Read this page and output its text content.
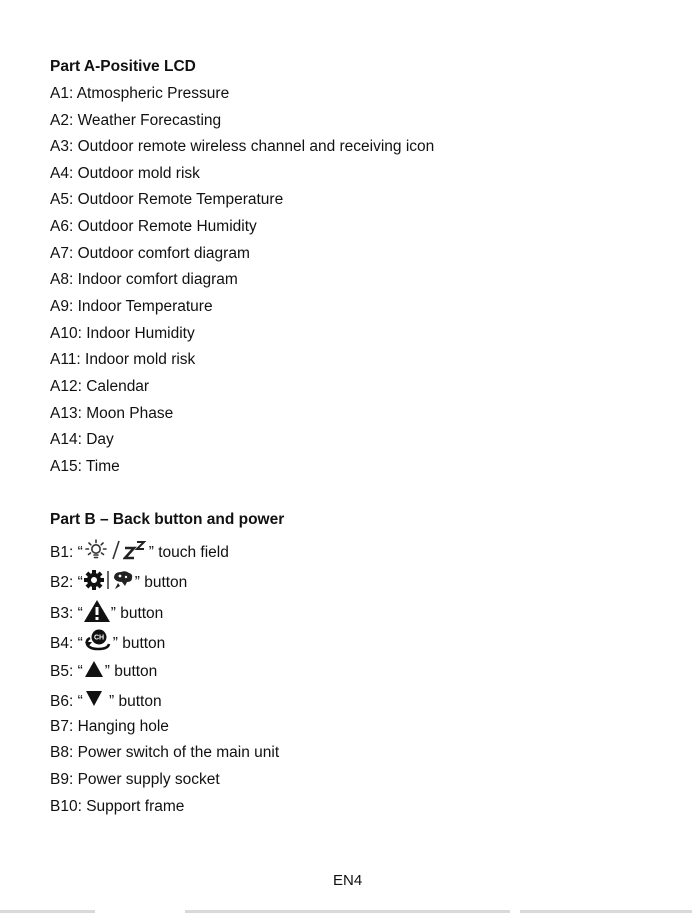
Part A-Positive LCD
A1: Atmospheric Pressure
A2: Weather Forecasting
A3: Outdoor remote wireless channel and receiving icon
A4: Outdoor mold risk
A5: Outdoor Remote Temperature
A6: Outdoor Remote Humidity
A7: Outdoor comfort diagram
A8: Indoor comfort diagram
A9: Indoor Temperature
A10: Indoor Humidity
A11: Indoor mold risk
A12: Calendar
A13: Moon Phase
A14: Day
A15: Time
Part B – Back button and power
B1: “	” touch field
B2: “	” button
B3: “ ” button
B4: “ CH ” button
B5: “ ” button
B6: “ ” button
B7: Hanging hole
B8: Power switch of the main unit
B9: Power supply socket
B10: Support frame
EN4
